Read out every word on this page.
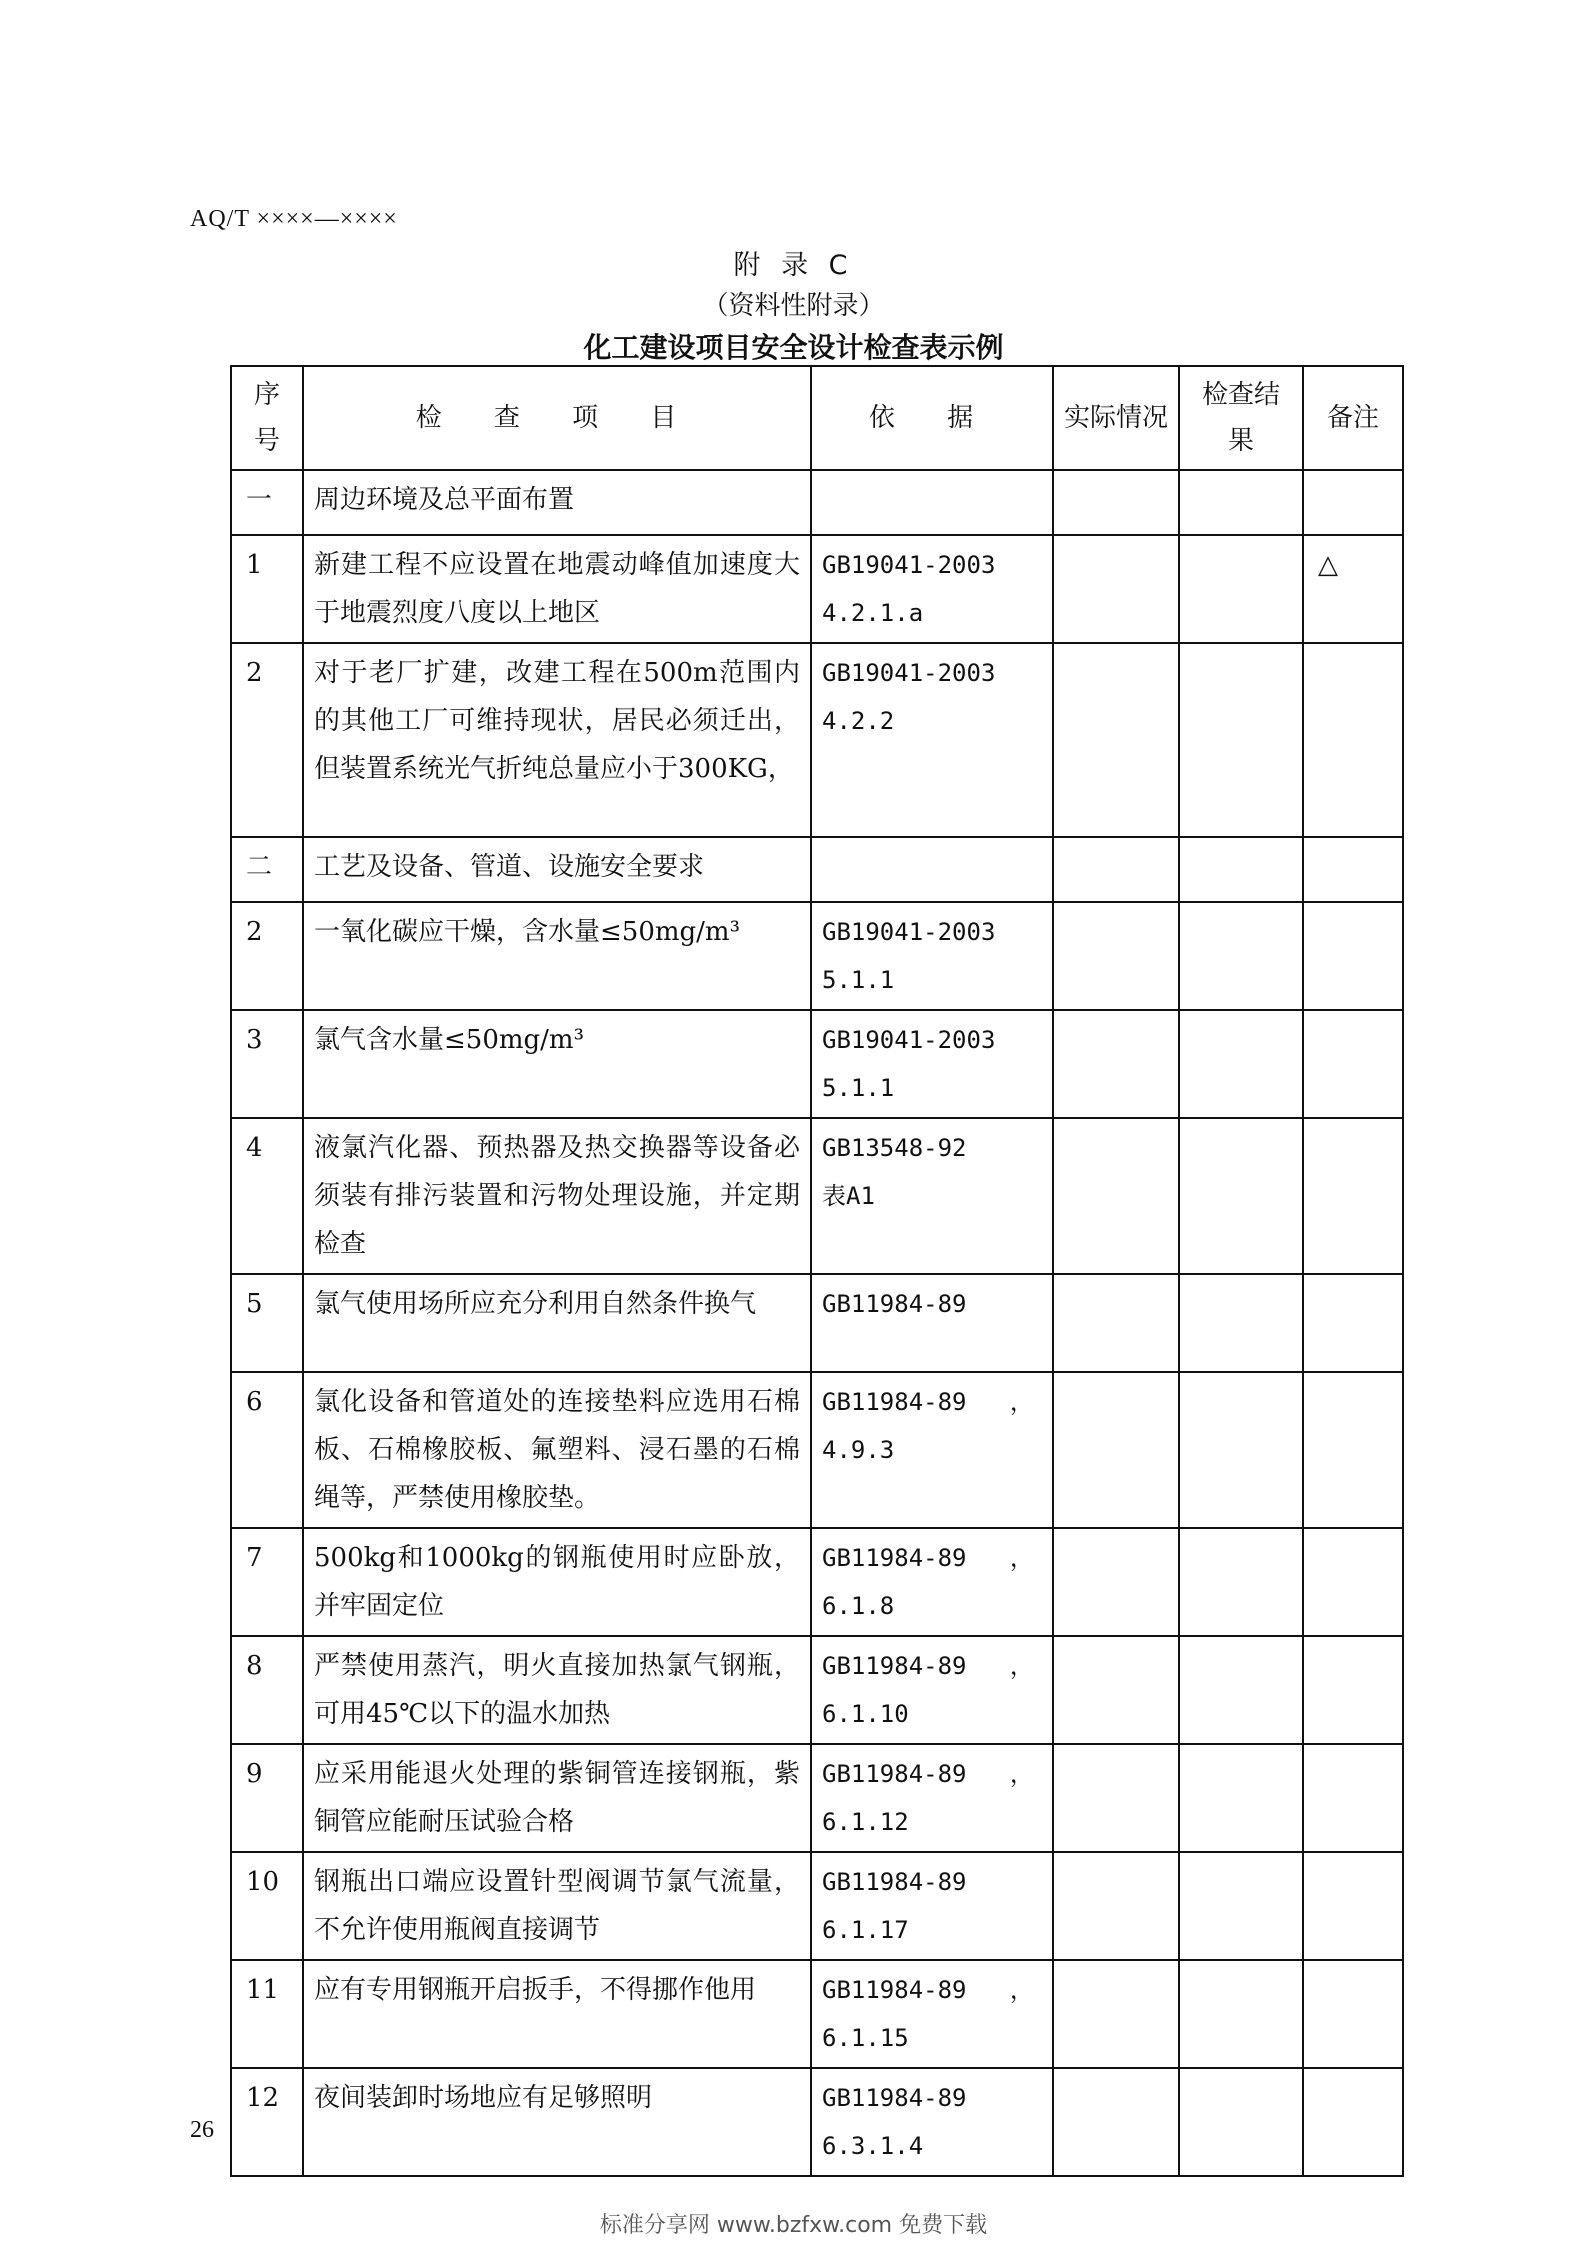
AQ/T ××××—××××
附 录 C
（资料性附录）
化工建设项目安全设计检查表示例
序号	检 查 项 目	依 据	实际情况	检查结果	备注
一	周边环境及总平面布置				
1	新建工程不应设置在地震动峰值加速度大于地震烈度八度以上地区	GB19041-2003
4.2.1.a			△
2	对于老厂扩建，改建工程在500m范围内的其他工厂可维持现状，居民必须迁出，但装置系统光气折纯总量应小于300KG，	GB19041-2003
4.2.2			
二	工艺及设备、管道、设施安全要求				
2	一氧化碳应干燥，含水量≤50mg/m³	GB19041-2003
5.1.1			
3	氯气含水量≤50mg/m³	GB19041-2003
5.1.1			
4	液氯汽化器、预热器及热交换器等设备必须装有排污装置和污物处理设施，并定期检查	GB13548-92
表A1			
5	氯气使用场所应充分利用自然条件换气	GB11984-89			
6	氯化设备和管道处的连接垫料应选用石棉板、石棉橡胶板、氟塑料、浸石墨的石棉绳等，严禁使用橡胶垫。	GB11984-89   ，
4.9.3			
7	500kg和1000kg的钢瓶使用时应卧放，并牢固定位	GB11984-89   ，
6.1.8			
8	严禁使用蒸汽，明火直接加热氯气钢瓶，可用45℃以下的温水加热	GB11984-89   ，
6.1.10			
9	应采用能退火处理的紫铜管连接钢瓶，紫铜管应能耐压试验合格	GB11984-89   ，
6.1.12			
10	钢瓶出口端应设置针型阀调节氯气流量，不允许使用瓶阀直接调节	GB11984-89
6.1.17			
11	应有专用钢瓶开启扳手，不得挪作他用	GB11984-89   ，
6.1.15			
12	夜间装卸时场地应有足够照明	GB11984-89
6.3.1.4			
26
标准分享网 www.bzfxw.com 免费下载
